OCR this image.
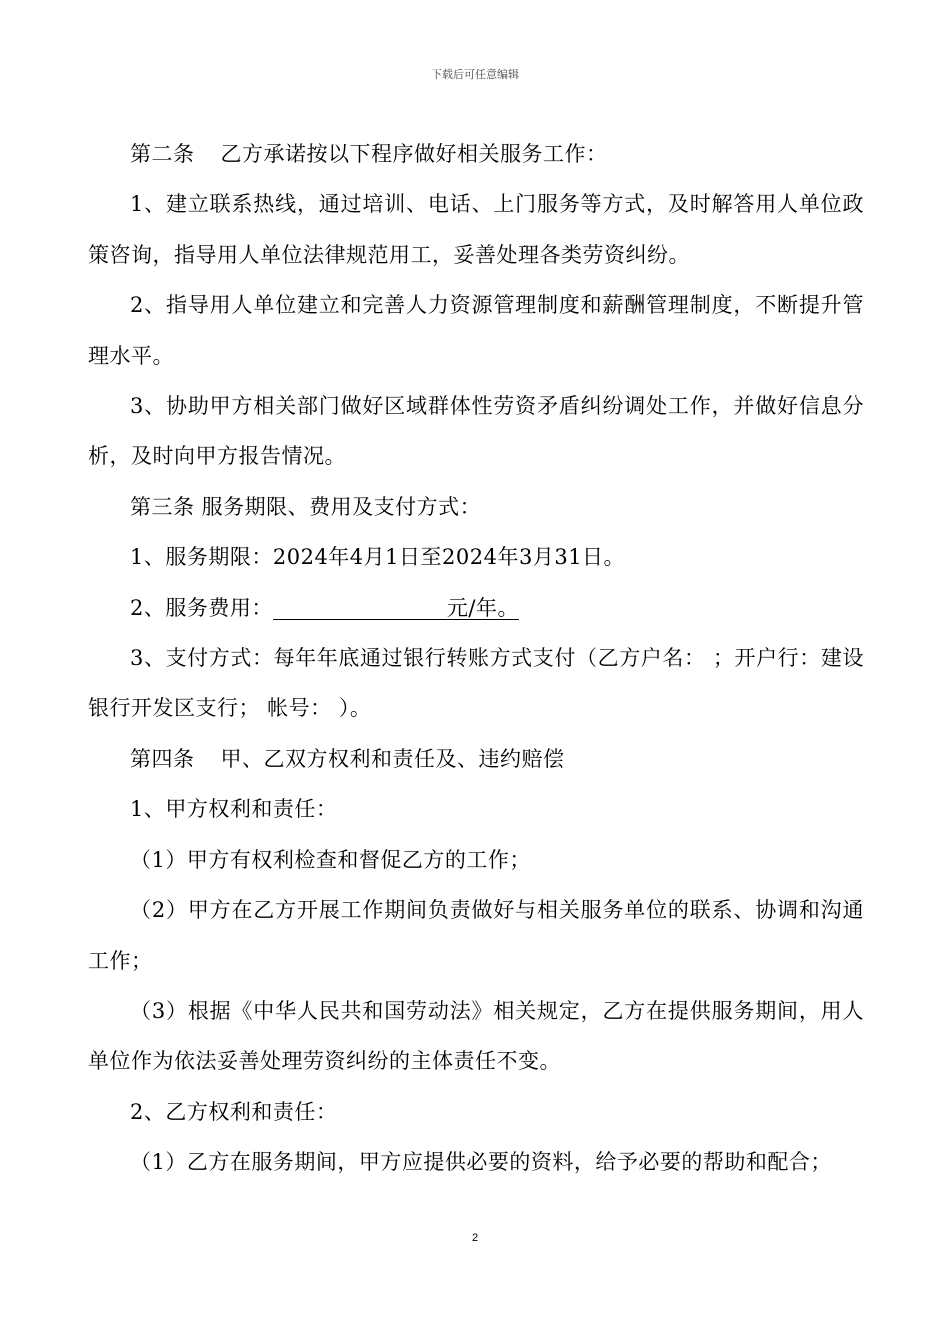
下载后可任意编辑

第二条 乙方承诺按以下程序做好相关服务工作：

1、建立联系热线，通过培训、电话、上门服务等方式，及时解答用人单位政策咨询，指导用人单位法律规范用工，妥善处理各类劳资纠纷。

2、指导用人单位建立和完善人力资源管理制度和薪酬管理制度，不断提升管理水平。

3、协助甲方相关部门做好区域群体性劳资矛盾纠纷调处工作，并做好信息分析，及时向甲方报告情况。

第三条 服务期限、费用及支付方式：

1、服务期限：2024年4月1日至2024年3月31日。

2、服务费用：	元/年。

3、支付方式：每年年底通过银行转账方式支付（乙方户名： ；开户行：建设银行开发区支行； 帐号： ）。

第四条 甲、乙双方权利和责任及、违约赔偿

1、甲方权利和责任：

（1）甲方有权利检查和督促乙方的工作；

（2）甲方在乙方开展工作期间负责做好与相关服务单位的联系、协调和沟通工作；

（3）根据《中华人民共和国劳动法》相关规定，乙方在提供服务期间，用人单位作为依法妥善处理劳资纠纷的主体责任不变。

2、乙方权利和责任：

（1）乙方在服务期间，甲方应提供必要的资料，给予必要的帮助和配合；

2
